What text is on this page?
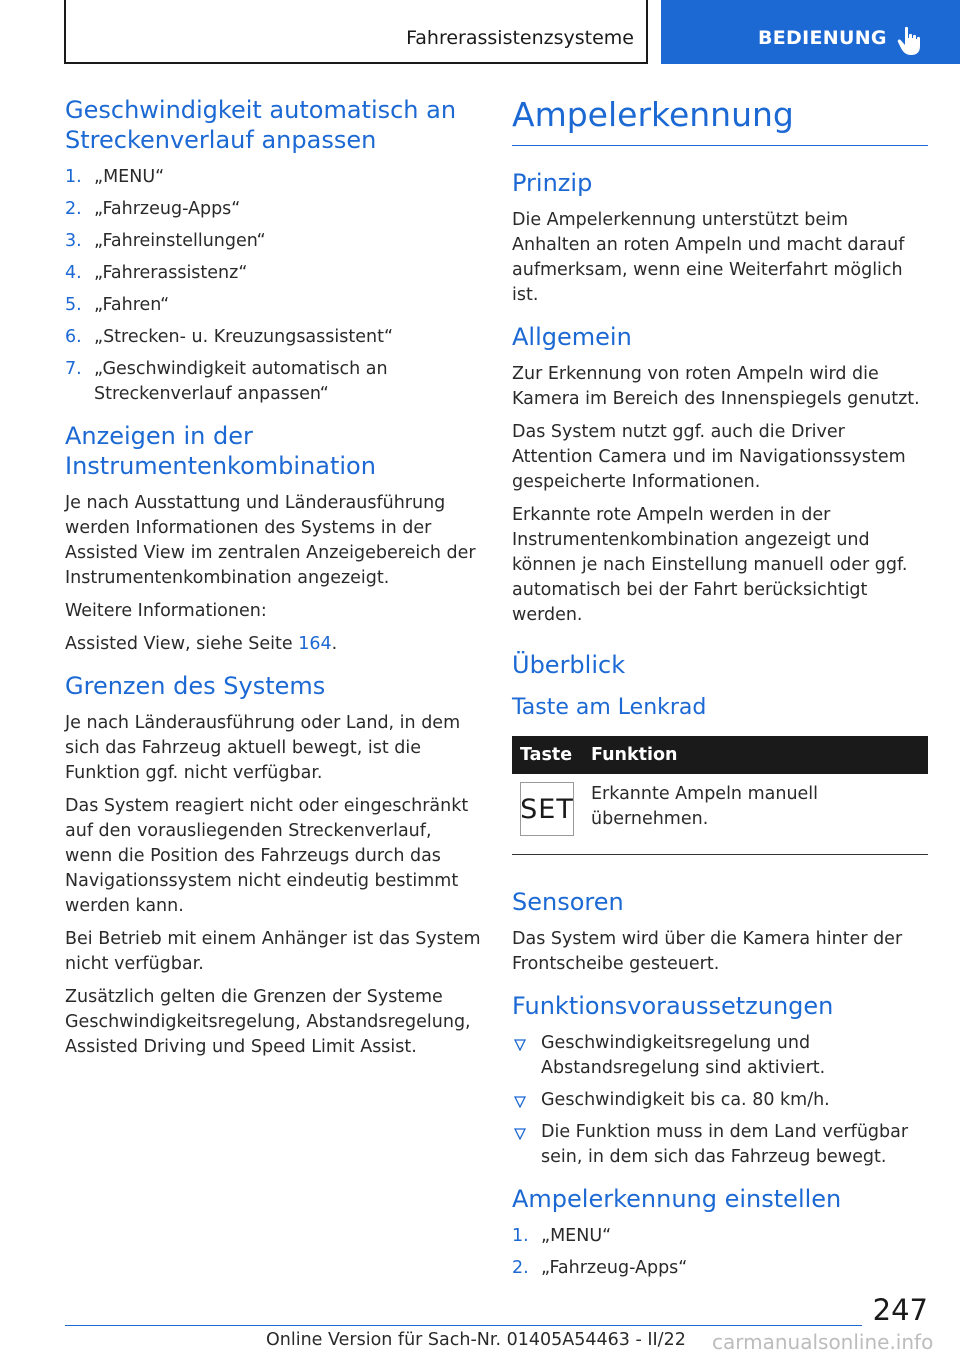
Fahrerassistenzsysteme	BEDIENUNG
Geschwindigkeit automatisch an Streckenverlauf anpassen
1. „MENU“
2. „Fahrzeug-Apps“
3. „Fahreinstellungen“
4. „Fahrerassistenz“
5. „Fahren“
6. „Strecken- u. Kreuzungsassistent“
7. „Geschwindigkeit automatisch an Streckenverlauf anpassen“
Anzeigen in der Instrumentenkombination

Je nach Ausstattung und Länderausführung werden Informationen des Systems in der Assisted View im zentralen Anzeigebereich der Instrumentenkombination angezeigt.

Weitere Informationen:

Assisted View, siehe Seite 164.

Grenzen des Systems

Je nach Länderausführung oder Land, in dem sich das Fahrzeug aktuell bewegt, ist die Funktion ggf. nicht verfügbar.

Das System reagiert nicht oder eingeschränkt auf den vorausliegenden Streckenverlauf, wenn die Position des Fahrzeugs durch das Navigationssystem nicht eindeutig bestimmt werden kann.

Bei Betrieb mit einem Anhänger ist das System nicht verfügbar.

Zusätzlich gelten die Grenzen der Systeme Geschwindigkeitsregelung, Abstandsregelung, Assisted Driving und Speed Limit Assist.

Ampelerkennung
Prinzip

Die Ampelerkennung unterstützt beim Anhalten an roten Ampeln und macht darauf aufmerksam, wenn eine Weiterfahrt möglich ist.

Allgemein

Zur Erkennung von roten Ampeln wird die Kamera im Bereich des Innenspiegels genutzt.

Das System nutzt ggf. auch die Driver Attention Camera und im Navigationssystem gespeicherte Informationen.

Erkannte rote Ampeln werden in der Instrumentenkombination angezeigt und können je nach Einstellung manuell oder ggf. automatisch bei der Fahrt berücksichtigt werden.

Überblick
Taste am Lenkrad
Taste	Funktion

SET	Erkannte Ampeln manuell übernehmen.
Sensoren

Das System wird über die Kamera hinter der Frontscheibe gesteuert.

Funktionsvoraussetzungen
Geschwindigkeitsregelung und Abstandsregelung sind aktiviert.
Geschwindigkeit bis ca. 80 km/h.
Die Funktion muss in dem Land verfügbar sein, in dem sich das Fahrzeug bewegt.
Ampelerkennung einstellen
1. „MENU“
2. „Fahrzeug-Apps“
247
Online Version für Sach-Nr. 01405A54463 - II/22 carmanualsonline.info
